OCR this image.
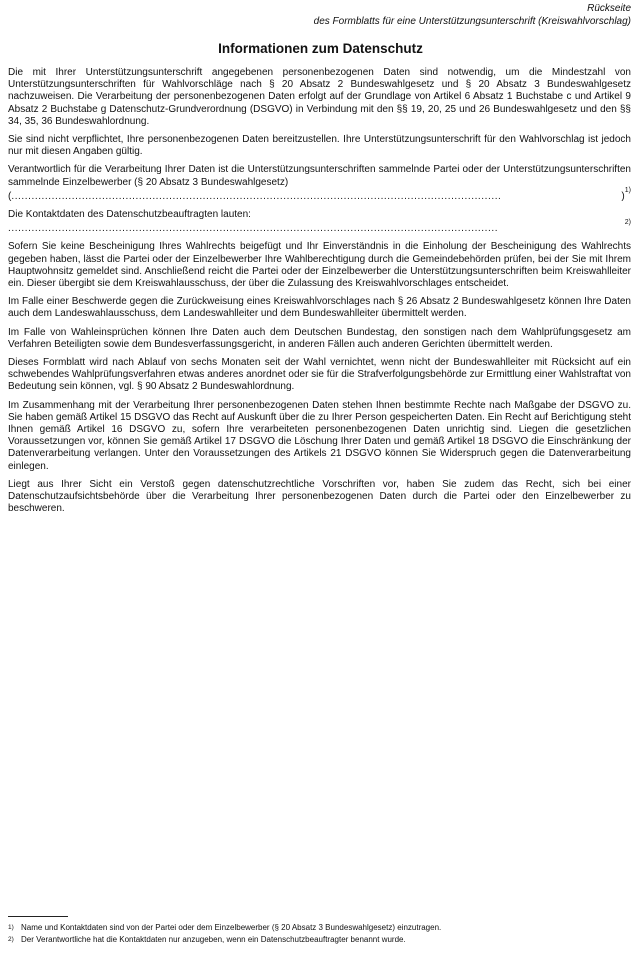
Rückseite
des Formblatts für eine Unterstützungsunterschrift (Kreiswahlvorschlag)
Informationen zum Datenschutz

Die mit Ihrer Unterstützungsunterschrift angegebenen personenbezogenen Daten sind notwendig, um die Mindestzahl von Unterstützungsunterschriften für Wahlvorschläge nach § 20 Absatz 2 Bundeswahlgesetz und § 20 Absatz 3 Bundeswahlgesetz nachzuweisen. Die Verarbeitung der personenbezogenen Daten erfolgt auf der Grundlage von Artikel 6 Absatz 1 Buchstabe c und Artikel 9 Absatz 2 Buchstabe g Datenschutz-Grundverordnung (DSGVO) in Verbindung mit den §§ 19, 20, 25 und 26 Bundeswahlgesetz und den §§ 34, 35, 36 Bundeswahlordnung.

Sie sind nicht verpflichtet, Ihre personenbezogenen Daten bereitzustellen. Ihre Unterstützungsunterschrift für den Wahlvorschlag ist jedoch nur mit diesen Angaben gültig.

Verantwortlich für die Verarbeitung Ihrer Daten ist die Unterstützungsunterschriften sammelnde Partei oder der Unterstützungsunterschriften sammelnde Einzelbewerber (§ 20 Absatz 3 Bundeswahlgesetz)

(
. . .	)
1)

Die Kontaktdaten des Datenschutzbeauftragten lauten:

. . .
2)

Sofern Sie keine Bescheinigung Ihres Wahlrechts beigefügt und Ihr Einverständnis in die Einholung der Bescheinigung des Wahlrechts gegeben haben, lässt die Partei oder der Einzelbewerber Ihre Wahlberechtigung durch die Gemeindebehörden prüfen, bei der Sie mit Ihrem Hauptwohnsitz gemeldet sind. Anschließend reicht die Partei oder der Einzelbewerber die Unterstützungsunterschriften beim Kreiswahlleiter ein. Dieser übergibt sie dem Kreiswahlausschuss, der über die Zulassung des Kreiswahlvorschlages entscheidet.

Im Falle einer Beschwerde gegen die Zurückweisung eines Kreiswahlvorschlages nach § 26 Absatz 2 Bundeswahlgesetz können Ihre Daten auch dem Landeswahlausschuss, dem Landeswahlleiter und dem Bundeswahlleiter übermittelt werden.

Im Falle von Wahleinsprüchen können Ihre Daten auch dem Deutschen Bundestag, den sonstigen nach dem Wahlprüfungsgesetz am Verfahren Beteiligten sowie dem Bundesverfassungsgericht, in anderen Fällen auch anderen Gerichten übermittelt werden.

Dieses Formblatt wird nach Ablauf von sechs Monaten seit der Wahl vernichtet, wenn nicht der Bundeswahlleiter mit Rücksicht auf ein schwebendes Wahlprüfungsverfahren etwas anderes anordnet oder sie für die Strafverfolgungsbehörde zur Ermittlung einer Wahlstraftat von Bedeutung sein können, vgl. § 90 Absatz 2 Bundeswahlordnung.

Im Zusammenhang mit der Verarbeitung Ihrer personenbezogenen Daten stehen Ihnen bestimmte Rechte nach Maßgabe der DSGVO zu. Sie haben gemäß Artikel 15 DSGVO das Recht auf Auskunft über die zu Ihrer Person gespeicherten Daten. Ein Recht auf Berichtigung steht Ihnen gemäß Artikel 16 DSGVO zu, sofern Ihre verarbeiteten personenbezogenen Daten unrichtig sind. Liegen die gesetzlichen Voraussetzungen vor, können Sie gemäß Artikel 17 DSGVO die Löschung Ihrer Daten und gemäß Artikel 18 DSGVO die Einschränkung der Datenverarbeitung verlangen. Unter den Voraussetzungen des Artikels 21 DSGVO können Sie Widerspruch gegen die Datenverarbeitung einlegen.

Liegt aus Ihrer Sicht ein Verstoß gegen datenschutzrechtliche Vorschriften vor, haben Sie zudem das Recht, sich bei einer Datenschutzaufsichtsbehörde über die Verarbeitung Ihrer personenbezogenen Daten durch die Partei oder den Einzelbewerber zu beschweren.

1) Name und Kontaktdaten sind von der Partei oder dem Einzelbewerber (§ 20 Absatz 3 Bundeswahlgesetz) einzutragen.
2) Der Verantwortliche hat die Kontaktdaten nur anzugeben, wenn ein Datenschutzbeauftragter benannt wurde.
